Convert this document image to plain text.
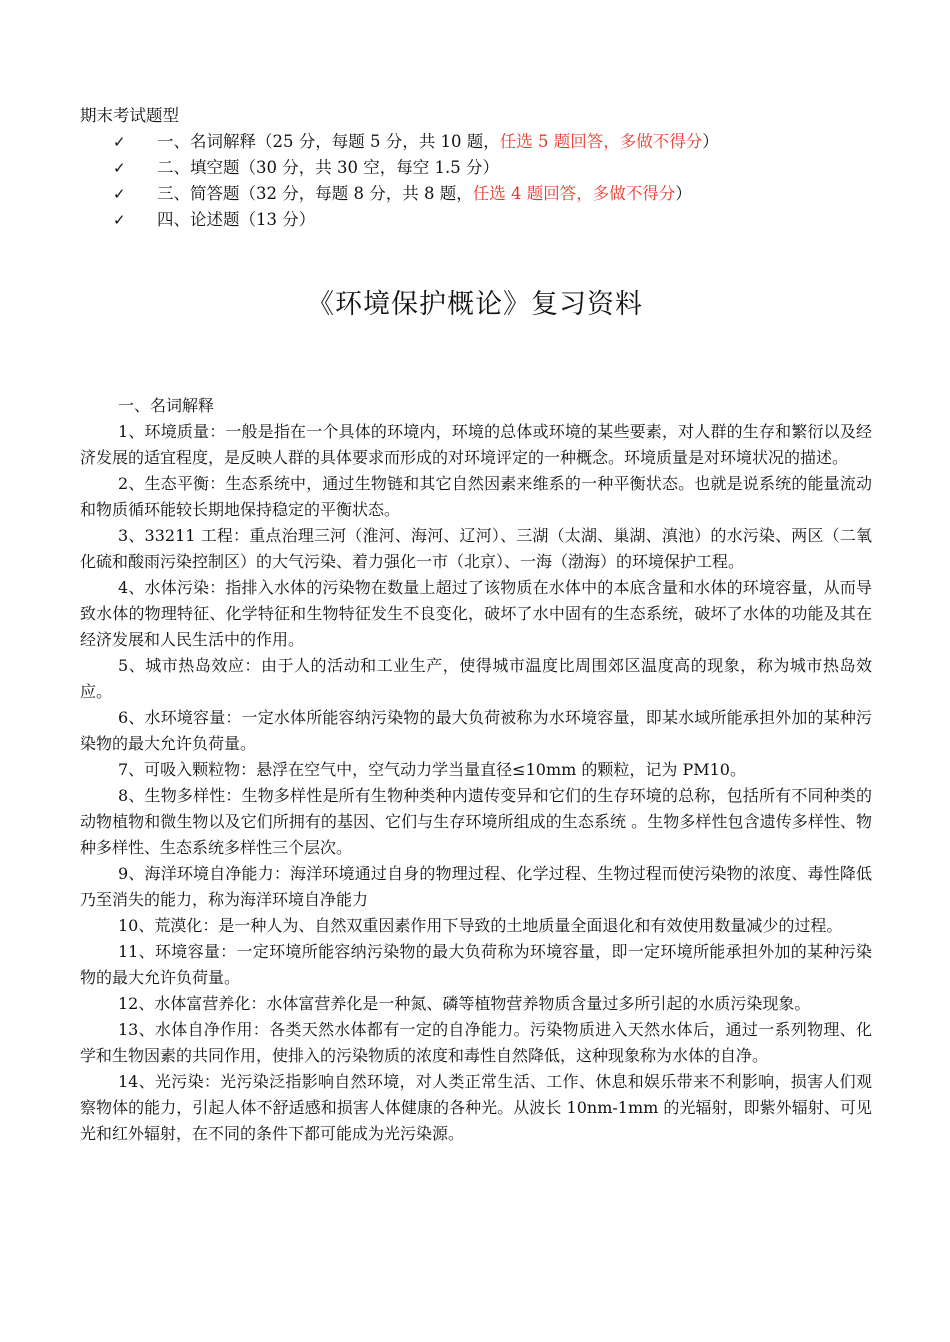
期末考试题型
✓ 一、名词解释（25 分，每题 5 分，共 10 题，任选 5 题回答，多做不得分）
✓ 二、填空题（30 分，共 30 空，每空 1.5 分）
✓ 三、简答题（32 分，每题 8 分，共 8 题，任选 4 题回答，多做不得分）
✓ 四、论述题（13 分）
《环境保护概论》复习资料
一、名词解释

1、环境质量：一般是指在一个具体的环境内，环境的总体或环境的某些要素，对人群的生存和繁衍以及经济发展的适宜程度，是反映人群的具体要求而形成的对环境评定的一种概念。环境质量是对环境状况的描述。

2、生态平衡：生态系统中，通过生物链和其它自然因素来维系的一种平衡状态。也就是说系统的能量流动和物质循环能较长期地保持稳定的平衡状态。

3、33211 工程：重点治理三河（淮河、海河、辽河）、三湖（太湖、巢湖、滇池）的水污染、两区（二氧化硫和酸雨污染控制区）的大气污染、着力强化一市（北京）、一海（渤海）的环境保护工程。

4、水体污染：指排入水体的污染物在数量上超过了该物质在水体中的本底含量和水体的环境容量，从而导致水体的物理特征、化学特征和生物特征发生不良变化，破坏了水中固有的生态系统，破坏了水体的功能及其在经济发展和人民生活中的作用。

5、城市热岛效应：由于人的活动和工业生产，使得城市温度比周围郊区温度高的现象，称为城市热岛效应。

6、水环境容量：一定水体所能容纳污染物的最大负荷被称为水环境容量，即某水域所能承担外加的某种污染物的最大允许负荷量。

7、可吸入颗粒物：悬浮在空气中，空气动力学当量直径≤10mm 的颗粒，记为 PM10。

8、生物多样性：生物多样性是所有生物种类种内遗传变异和它们的生存环境的总称，包括所有不同种类的动物植物和微生物以及它们所拥有的基因、它们与生存环境所组成的生态系统 。生物多样性包含遗传多样性、物种多样性、生态系统多样性三个层次。

9、海洋环境自净能力：海洋环境通过自身的物理过程、化学过程、生物过程而使污染物的浓度、毒性降低乃至消失的能力，称为海洋环境自净能力

10、荒漠化：是一种人为、自然双重因素作用下导致的土地质量全面退化和有效使用数量减少的过程。

11、环境容量：一定环境所能容纳污染物的最大负荷称为环境容量，即一定环境所能承担外加的某种污染物的最大允许负荷量。

12、水体富营养化：水体富营养化是一种氮、磷等植物营养物质含量过多所引起的水质污染现象。

13、水体自净作用：各类天然水体都有一定的自净能力。污染物质进入天然水体后，通过一系列物理、化学和生物因素的共同作用，使排入的污染物质的浓度和毒性自然降低，这种现象称为水体的自净。

14、光污染：光污染泛指影响自然环境，对人类正常生活、工作、休息和娱乐带来不利影响，损害人们观察物体的能力，引起人体不舒适感和损害人体健康的各种光。从波长 10nm-1mm 的光辐射，即紫外辐射、可见光和红外辐射，在不同的条件下都可能成为光污染源。
